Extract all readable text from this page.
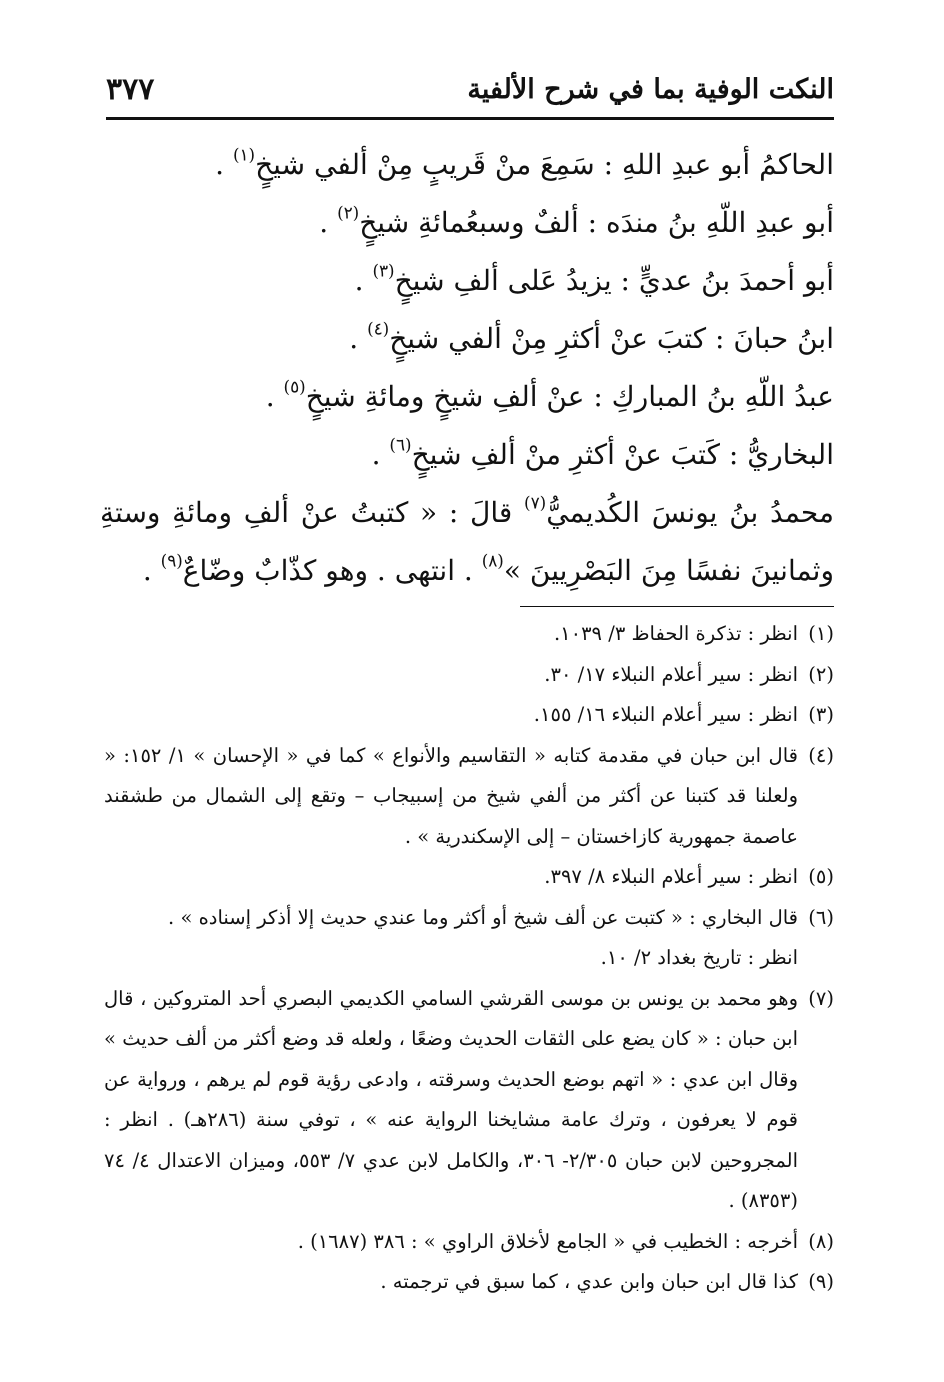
النكت الوفية بما في شرح الألفية
٣٧٧

الحاكمُ أبو عبدِ اللهِ : سَمِعَ منْ قَريبٍ مِنْ ألفي شيخٍ$^{(١)}$ .

أبو عبدِ اللّهِ بنُ مندَه : ألفٌ وسبعُمائةِ شيخٍ$^{(٢)}$ .

أبو أحمدَ بنُ عديٍّ : يزيدُ عَلى ألفِ شيخٍ$^{(٣)}$ .

ابنُ حبانَ : كتبَ عنْ أكثرِ مِنْ ألفي شيخٍ$^{(٤)}$ .

عبدُ اللّهِ بنُ المباركِ : عنْ ألفِ شيخٍ ومائةِ شيخٍ$^{(٥)}$ .

البخاريُّ : كَتبَ عنْ أكثرِ منْ ألفِ شيخٍ$^{(٦)}$ .

محمدُ بنُ يونسَ الكُديميُّ$^{(٧)}$ قالَ : « كتبتُ عنْ ألفِ ومائةِ وستةِ وثمانينَ نفسًا مِنَ البَصْرِيينَ »$^{(٨)}$ . انتهى . وهو كذّابٌ وضّاعٌ$^{(٩)}$ .

(١)
انظر : تذكرة الحفاظ ٣/ ١٠٣٩.

(٢)
انظر : سير أعلام النبلاء ١٧/ ٣٠.

(٣)
انظر : سير أعلام النبلاء ١٦/ ١٥٥.

(٤)
قال ابن حبان في مقدمة كتابه « التقاسيم والأنواع » كما في « الإحسان » ١/ ١٥٢: « ولعلنا قد كتبنا عن أكثر من ألفي شيخ من إسبيجاب – وتقع إلى الشمال من طشقند عاصمة جمهورية كازاخستان – إلى الإسكندرية » .

(٥)
انظر : سير أعلام النبلاء ٨/ ٣٩٧.

(٦)
قال البخاري : « كتبت عن ألف شيخ أو أكثر وما عندي حديث إلا أذكر إسناده » .

انظر : تاريخ بغداد ٢/ ١٠.

(٧)
وهو محمد بن يونس بن موسى القرشي السامي الكديمي البصري أحد المتروكين ، قال ابن حبان : « كان يضع على الثقات الحديث وضعًا ، ولعله قد وضع أكثر من ألف حديث » وقال ابن عدي : « اتهم بوضع الحديث وسرقته ، وادعى رؤية قوم لم يرهم ، ورواية عن قوم لا يعرفون ، وترك عامة مشايخنا الرواية عنه » ، توفي سنة (٢٨٦هـ) . انظر : المجروحين لابن حبان ٢/٣٠٥- ٣٠٦، والكامل لابن عدي ٧/ ٥٥٣، وميزان الاعتدال ٤/ ٧٤ (٨٣٥٣) .

(٨)
أخرجه : الخطيب في « الجامع لأخلاق الراوي » : ٣٨٦ (١٦٨٧) .

(٩)
كذا قال ابن حبان وابن عدي ، كما سبق في ترجمته .
